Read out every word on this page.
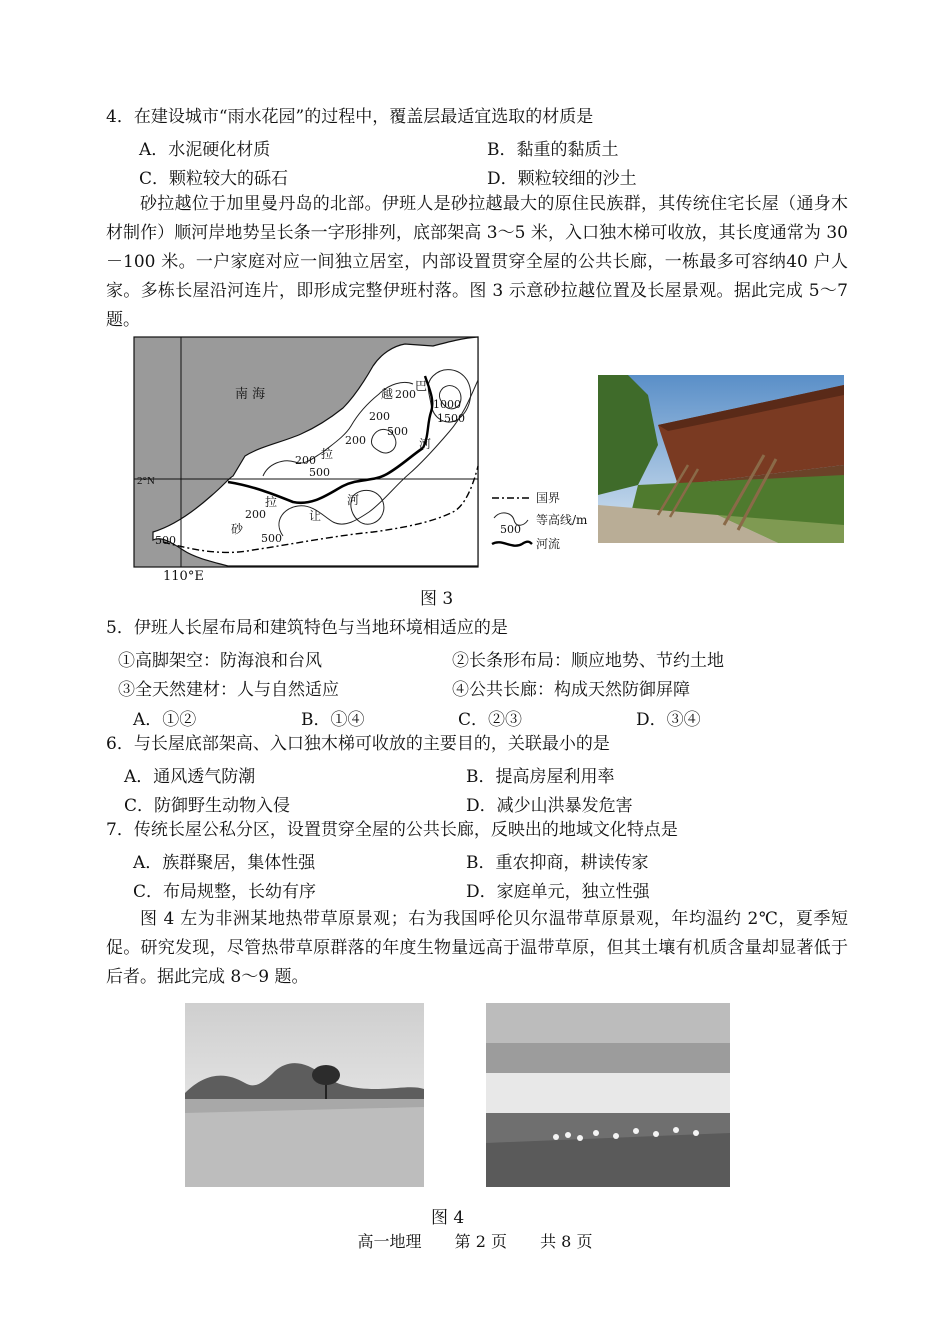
4．在建设城市“雨水花园”的过程中，覆盖层最适宜选取的材质是
A．水泥硬化材质	B．黏重的黏质土
C．颗粒较大的砾石	D．颗粒较细的沙土
砂拉越位于加里曼丹岛的北部。伊班人是砂拉越最大的原住民族群，其传统住宅长屋（通身木材制作）顺河岸地势呈长条一字形排列，底部架高 3～5 米，入口独木梯可收放，其长度通常为 30－100 米。一户家庭对应一间独立居室，内部设置贯穿全屋的公共长廊，一栋最多可容纳40 户人家。多栋长屋沿河连片，即形成完整伊班村落。图 3 示意砂拉越位置及长屋景观。据此完成 5～7 题。
南 海
2°N
200
200
200
200
200
500
500
500
500
1000
1500
砂
拉
越
巴
拉
河
让
河
110°E
500
国界
等高线/m
河流
图 3
5．伊班人长屋布局和建筑特色与当地环境相适应的是
①高脚架空：防海浪和台风	②长条形布局：顺应地势、节约土地
③全天然建材：人与自然适应	④公共长廊：构成天然防御屏障
A．①②	B．①④	C．②③	D．③④
6．与长屋底部架高、入口独木梯可收放的主要目的，关联最小的是
A．通风透气防潮	B．提高房屋利用率
C．防御野生动物入侵	D．减少山洪暴发危害
7．传统长屋公私分区，设置贯穿全屋的公共长廊，反映出的地域文化特点是
A．族群聚居，集体性强	B．重农抑商，耕读传家
C．布局规整，长幼有序	D．家庭单元，独立性强
图 4 左为非洲某地热带草原景观；右为我国呼伦贝尔温带草原景观，年均温约 2℃，夏季短促。研究发现，尽管热带草原群落的年度生物量远高于温带草原，但其土壤有机质含量却显著低于后者。据此完成 8～9 题。
图 4
高一地理 第 2 页 共 8 页
